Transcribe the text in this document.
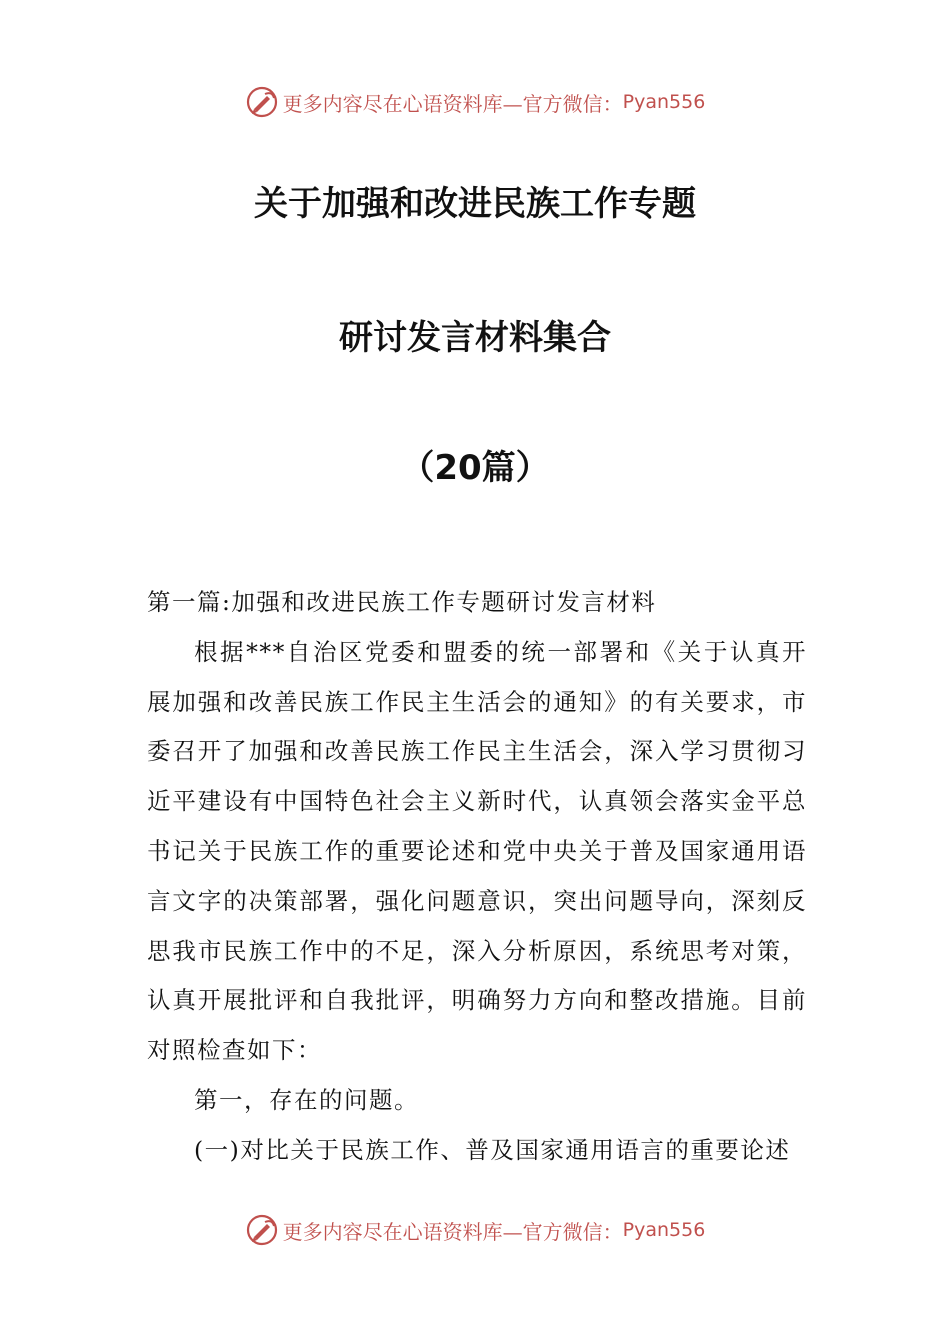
更多内容尽在心语资料库—官方微信： Pyan556
关于加强和改进民族工作专题
研讨发言材料集合
（20篇）

第一篇:加强和改进民族工作专题研讨发言材料

根据***自治区党委和盟委的统一部署和《关于认真开展加强和改善民族工作民主生活会的通知》的有关要求，市委召开了加强和改善民族工作民主生活会，深入学习贯彻习近平建设有中国特色社会主义新时代，认真领会落实金平总书记关于民族工作的重要论述和党中央关于普及国家通用语言文字的决策部署，强化问题意识，突出问题导向，深刻反思我市民族工作中的不足，深入分析原因，系统思考对策，认真开展批评和自我批评，明确努力方向和整改措施。目前对照检查如下：

第一，存在的问题。

(一)对比关于民族工作、普及国家通用语言的重要论述

更多内容尽在心语资料库—官方微信： Pyan556
